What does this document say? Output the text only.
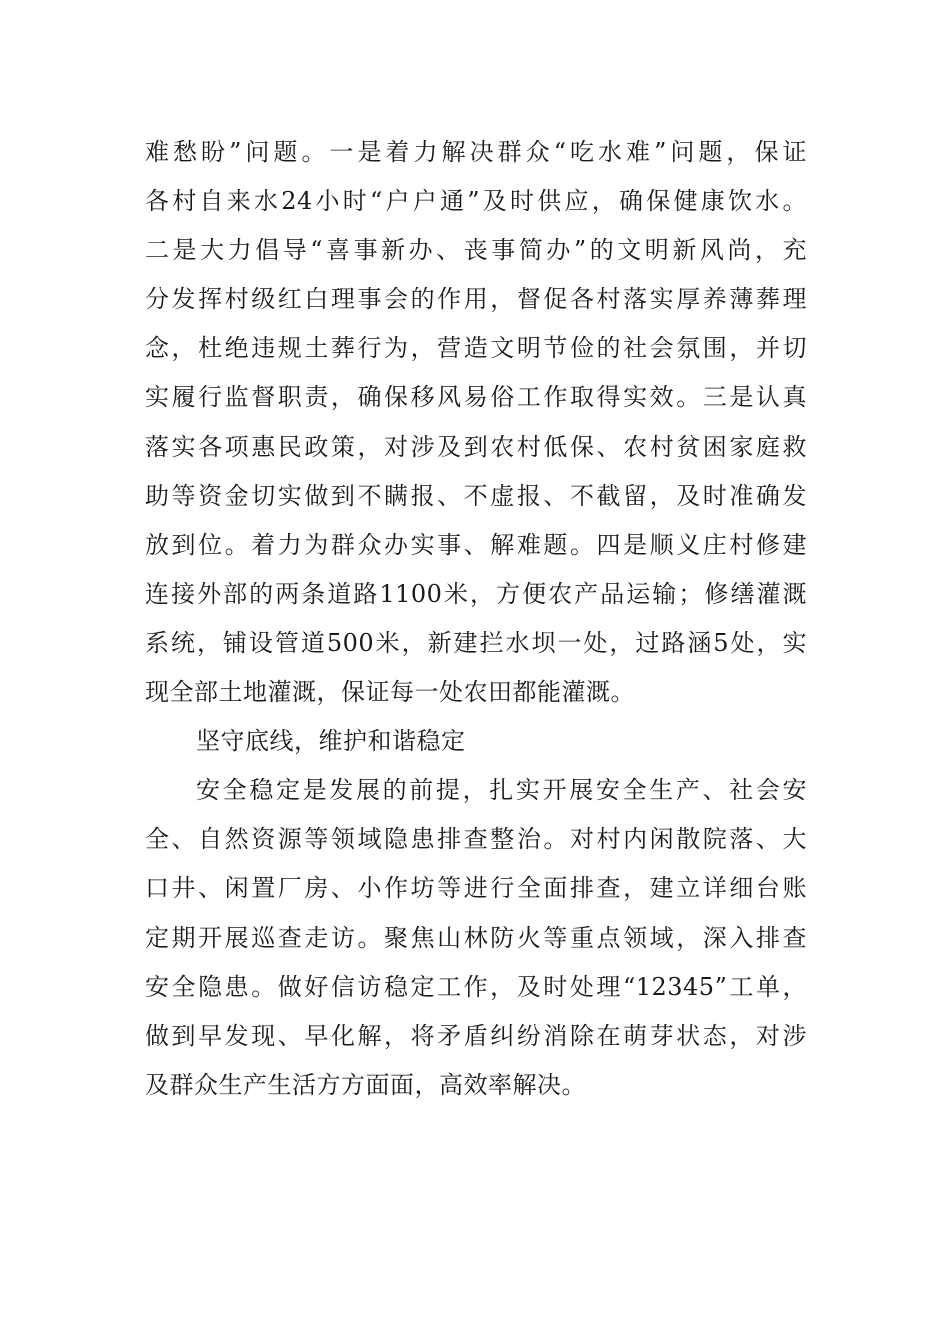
难愁盼”问题。一是着力解决群众“吃水难”问题，保证
各村自来水24小时“户户通”及时供应，确保健康饮水。
二是大力倡导“喜事新办、丧事简办”的文明新风尚，充
分发挥村级红白理事会的作用，督促各村落实厚养薄葬理
念，杜绝违规土葬行为，营造文明节俭的社会氛围，并切
实履行监督职责，确保移风易俗工作取得实效。三是认真
落实各项惠民政策，对涉及到农村低保、农村贫困家庭救
助等资金切实做到不瞒报、不虚报、不截留，及时准确发
放到位。着力为群众办实事、解难题。四是顺义庄村修建
连接外部的两条道路1100米，方便农产品运输；修缮灌溉
系统，铺设管道500米，新建拦水坝一处，过路涵5处，实
现全部土地灌溉，保证每一处农田都能灌溉。
坚守底线，维护和谐稳定
安全稳定是发展的前提，扎实开展安全生产、社会安
全、自然资源等领域隐患排查整治。对村内闲散院落、大
口井、闲置厂房、小作坊等进行全面排查，建立详细台账
定期开展巡查走访。聚焦山林防火等重点领域，深入排查
安全隐患。做好信访稳定工作，及时处理“12345”工单，
做到早发现、早化解，将矛盾纠纷消除在萌芽状态，对涉
及群众生产生活方方面面，高效率解决。
